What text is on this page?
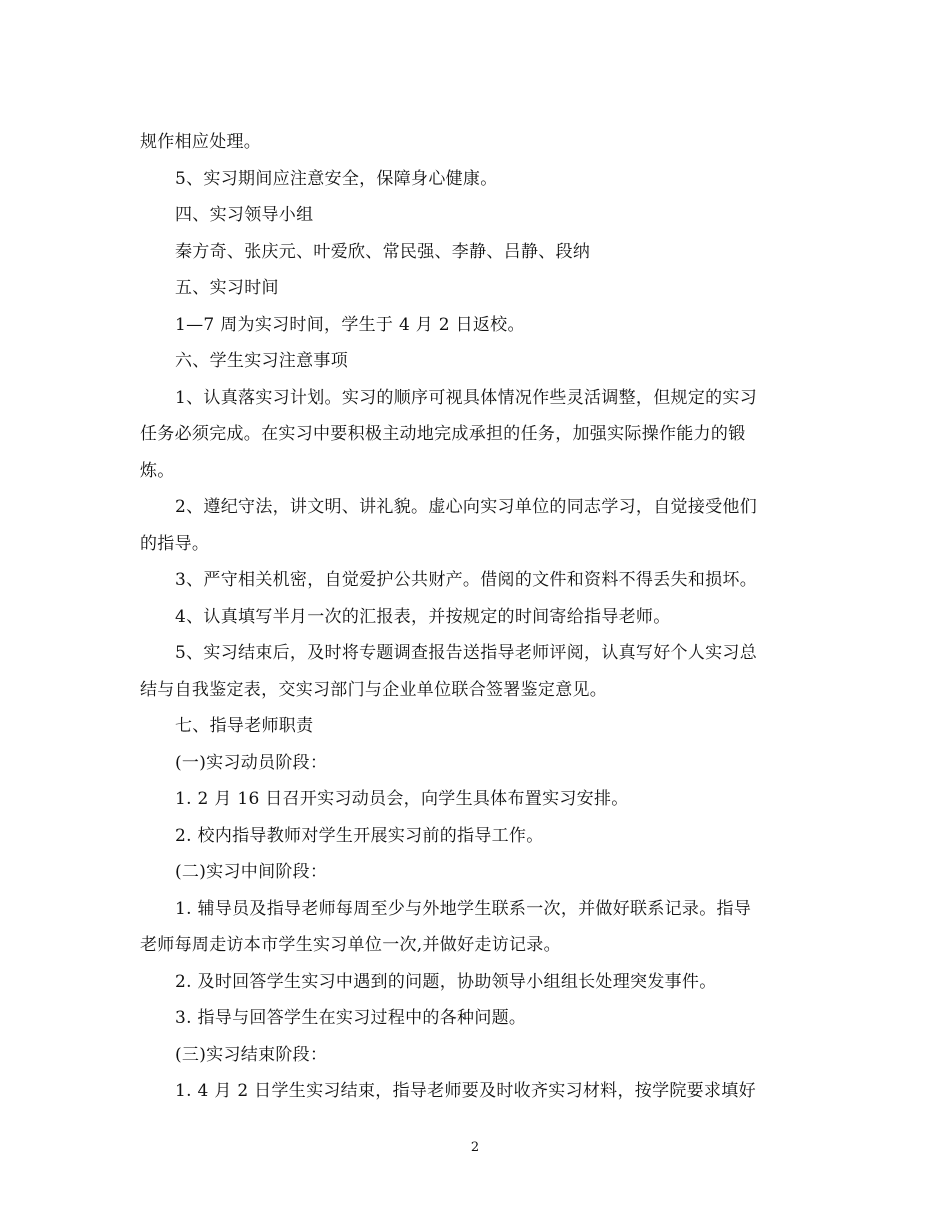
规作相应处理。
5、实习期间应注意安全，保障身心健康。
四、实习领导小组
秦方奇、张庆元、叶爱欣、常民强、李静、吕静、段纳
五、实习时间
1—7 周为实习时间，学生于 4 月 2 日返校。
六、学生实习注意事项
1、认真落实习计划。实习的顺序可视具体情况作些灵活调整，但规定的实习
任务必须完成。在实习中要积极主动地完成承担的任务，加强实际操作能力的锻
炼。
2、遵纪守法，讲文明、讲礼貌。虚心向实习单位的同志学习，自觉接受他们
的指导。
3、严守相关机密，自觉爱护公共财产。借阅的文件和资料不得丢失和损坏。
4、认真填写半月一次的汇报表，并按规定的时间寄给指导老师。
5、实习结束后，及时将专题调查报告送指导老师评阅，认真写好个人实习总
结与自我鉴定表，交实习部门与企业单位联合签署鉴定意见。
七、指导老师职责
(一)实习动员阶段：
1. 2 月 16 日召开实习动员会，向学生具体布置实习安排。
2. 校内指导教师对学生开展实习前的指导工作。
(二)实习中间阶段：
1. 辅导员及指导老师每周至少与外地学生联系一次，并做好联系记录。指导
老师每周走访本市学生实习单位一次,并做好走访记录。
2. 及时回答学生实习中遇到的问题，协助领导小组组长处理突发事件。
3. 指导与回答学生在实习过程中的各种问题。
(三)实习结束阶段：
1. 4 月 2 日学生实习结束，指导老师要及时收齐实习材料，按学院要求填好
2
